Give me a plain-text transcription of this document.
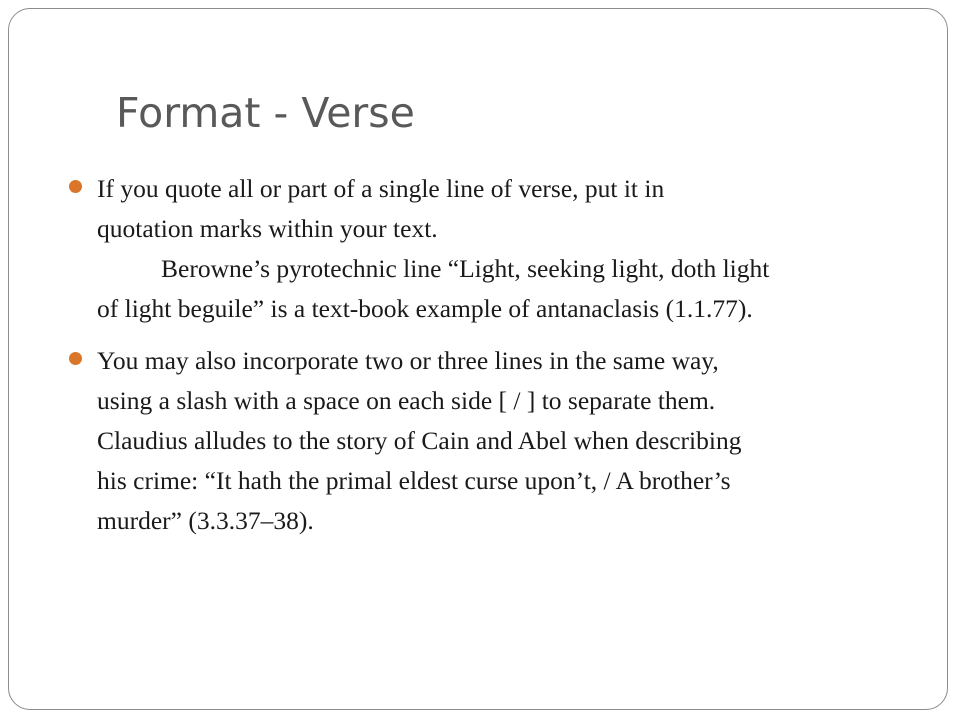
Format - Verse
If you quote all or part of a single line of verse, put it in
quotation marks within your text.
Berowne’s pyrotechnic line “Light, seeking light, doth light
of light beguile” is a text-book example of antanaclasis (1.1.77).
You may also incorporate two or three lines in the same way,
using a slash with a space on each side [ / ] to separate them.
Claudius alludes to the story of Cain and Abel when describing
his crime: “It hath the primal eldest curse upon’t, / A brother’s
murder” (3.3.37–38).
